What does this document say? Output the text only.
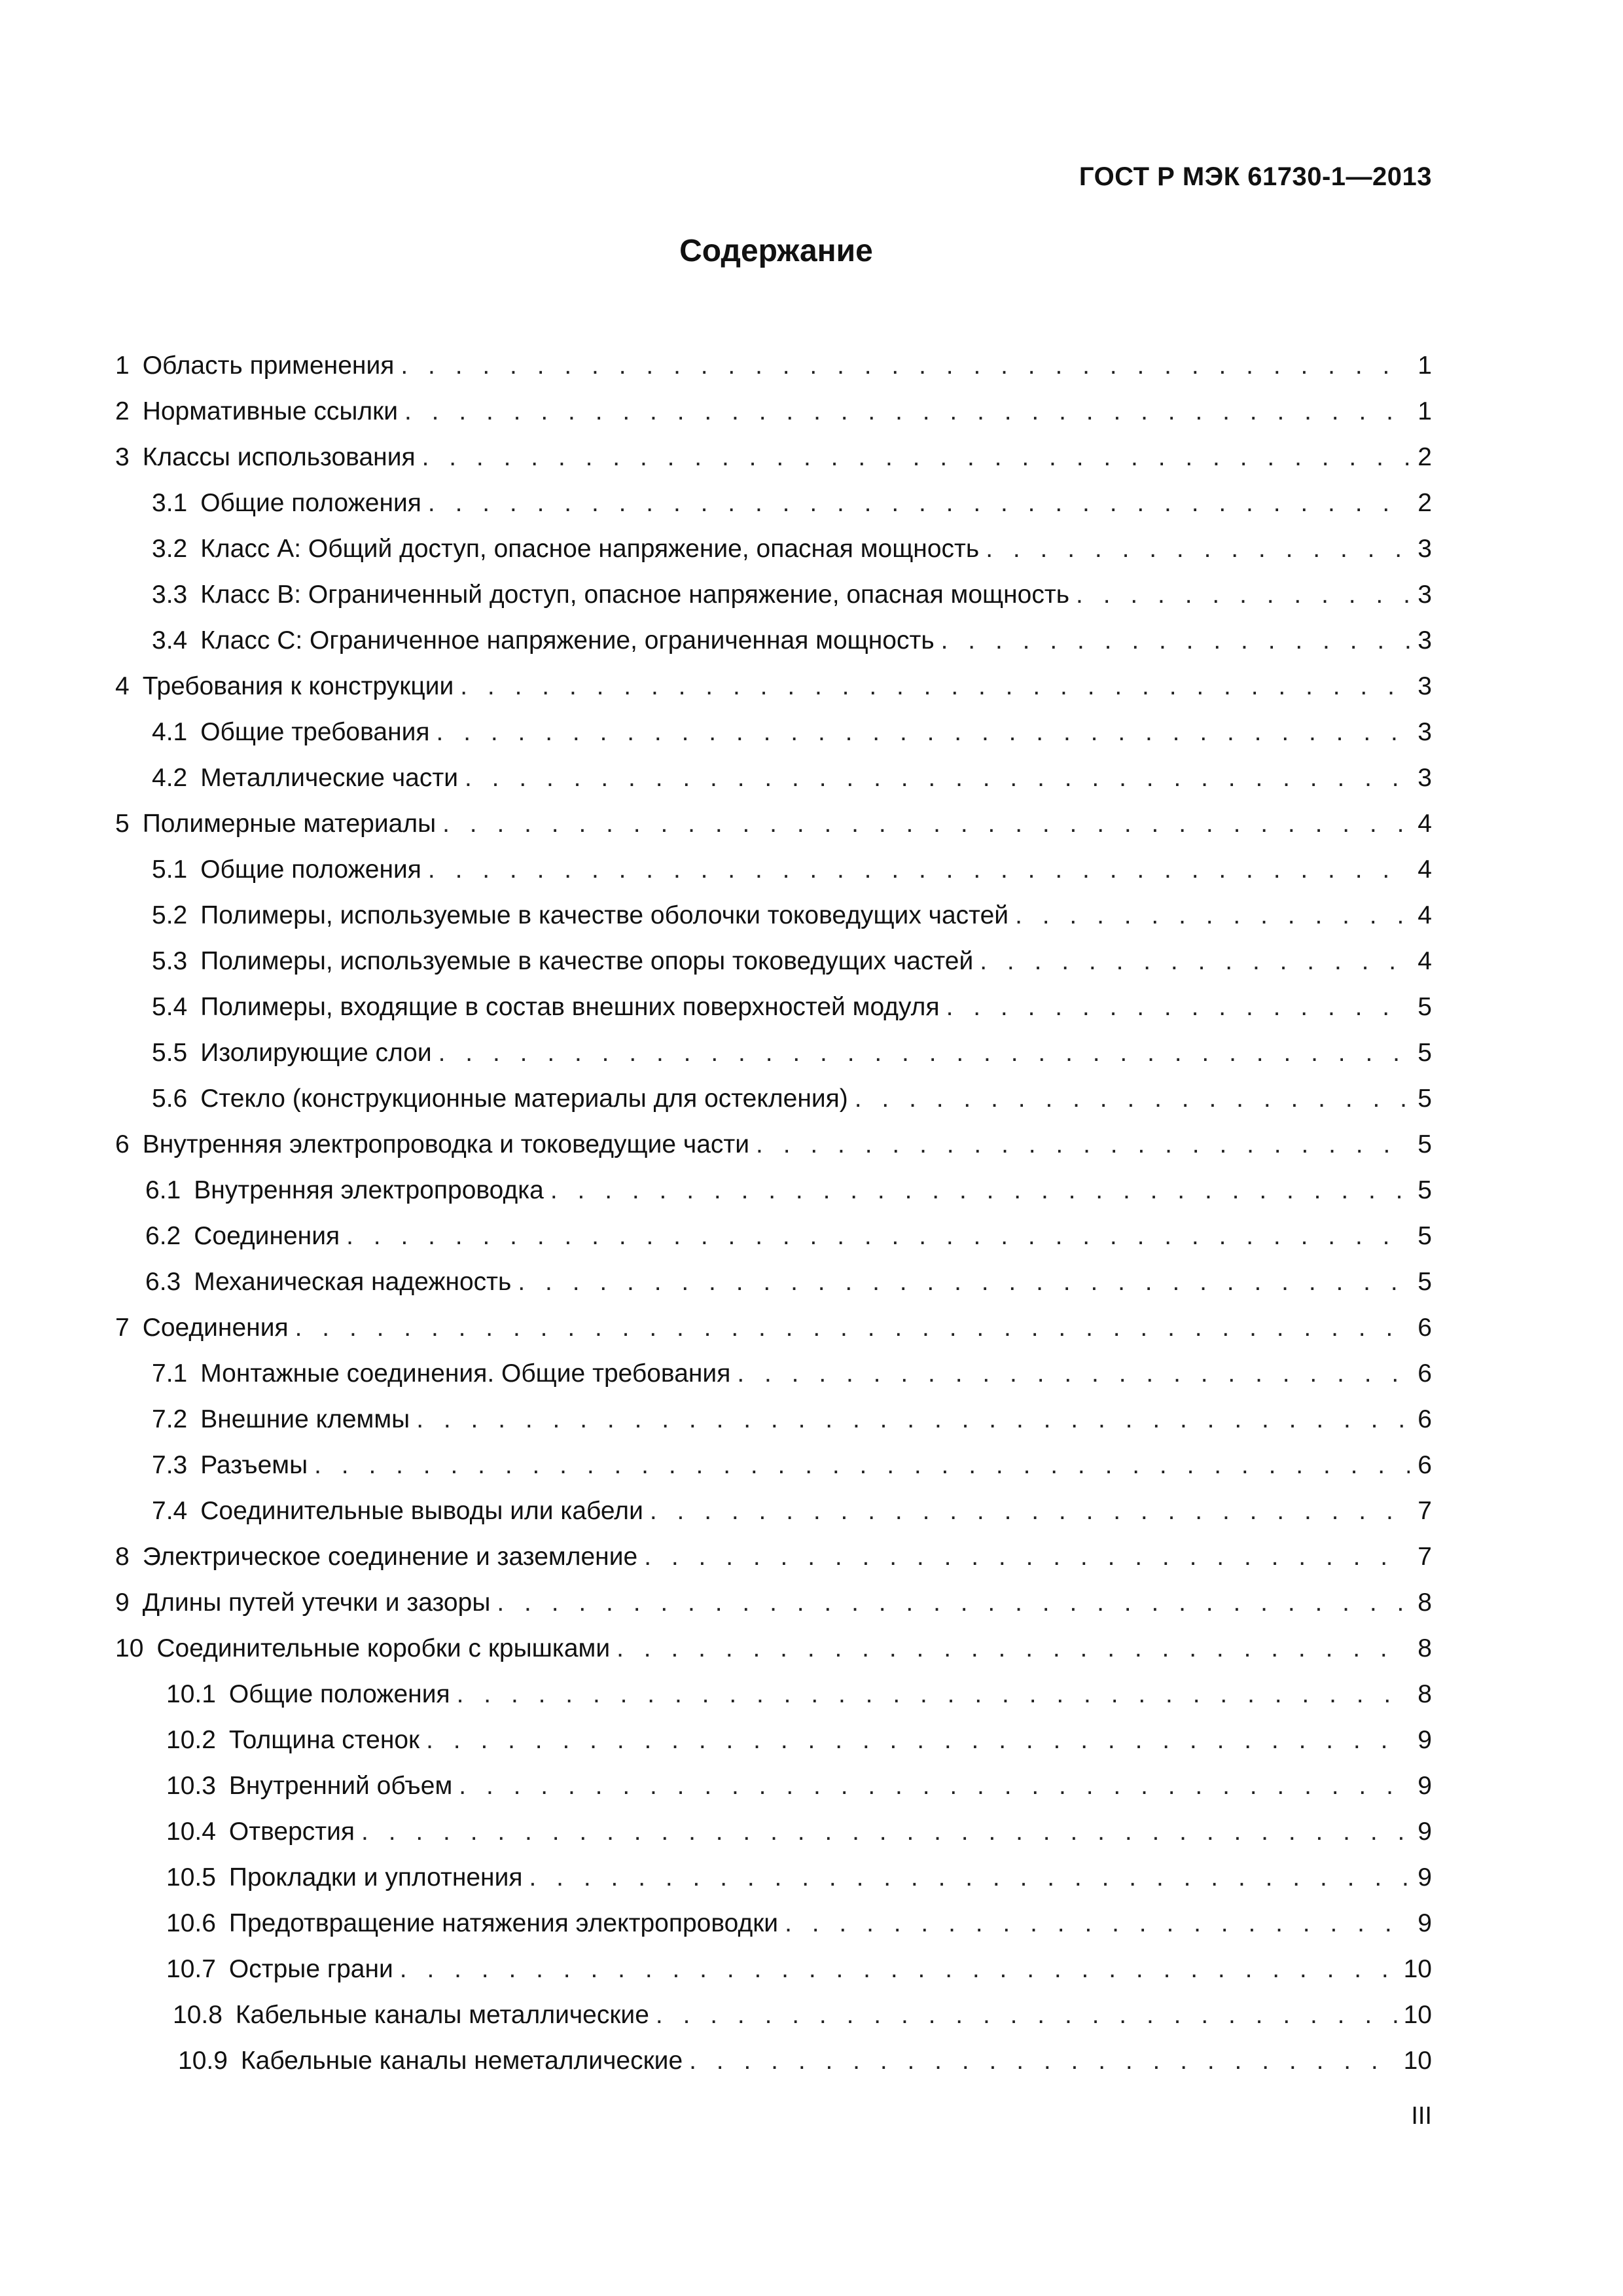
ГОСТ Р МЭК 61730-1—2013
Содержание
1 Область применения . . .	1
2 Нормативные ссылки . . .	1
3 Классы использования . . .	2
3.1 Общие положения . . .	2
3.2 Класс А: Общий доступ, опасное напряжение, опасная мощность . . .	3
3.3 Класс В: Ограниченный доступ, опасное напряжение, опасная мощность . . .	3
3.4 Класс С: Ограниченное напряжение, ограниченная мощность . . .	3
4 Требования к конструкции . . .	3
4.1 Общие требования . . .	3
4.2 Металлические части . . .	3
5 Полимерные материалы . . .	4
5.1 Общие положения . . .	4
5.2 Полимеры, используемые в качестве оболочки токоведущих частей . . .	4
5.3 Полимеры, используемые в качестве опоры токоведущих частей . . .	4
5.4 Полимеры, входящие в состав внешних поверхностей модуля . . .	5
5.5 Изолирующие слои . . .	5
5.6 Стекло (конструкционные материалы для остекления) . . .	5
6 Внутренняя электропроводка и токоведущие части . . .	5
6.1 Внутренняя электропроводка . . .	5
6.2 Соединения . . .	5
6.3 Механическая надежность . . .	5
7 Соединения . . .	6
7.1 Монтажные соединения. Общие требования . . .	6
7.2 Внешние клеммы . . .	6
7.3 Разъемы . . .	6
7.4 Соединительные выводы или кабели . . .	7
8 Электрическое соединение и заземление . . .	7
9 Длины путей утечки и зазоры . . .	8
10 Соединительные коробки с крышками . . .	8
10.1 Общие положения . . .	8
10.2 Толщина стенок . . .	9
10.3 Внутренний объем . . .	9
10.4 Отверстия . . .	9
10.5 Прокладки и уплотнения . . .	9
10.6 Предотвращение натяжения электропроводки . . .	9
10.7 Острые грани . . .	10
10.8 Кабельные каналы металлические . . .	10
10.9 Кабельные каналы неметаллические . . .	10
III
